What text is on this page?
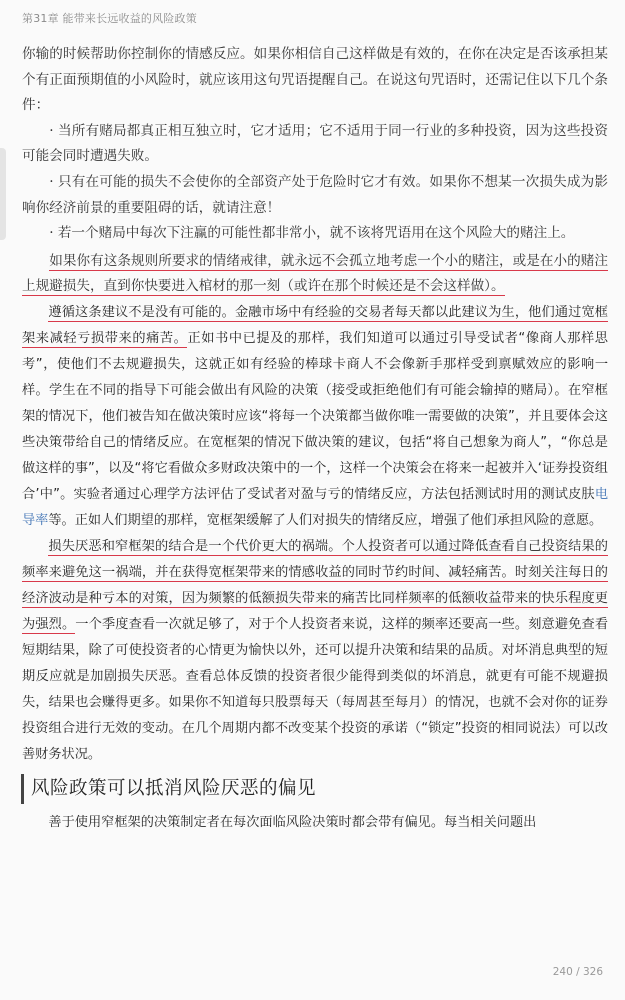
第31章 能带来长远收益的风险政策

你输的时候帮助你控制你的情感反应。如果你相信自己这样做是有效的，在你在决定是否该承担某个有正面预期值的小风险时，就应该用这句咒语提醒自己。在说这句咒语时，还需记住以下几个条件：

· 当所有赌局都真正相互独立时，它才适用；它不适用于同一行业的多种投资，因为这些投资可能会同时遭遇失败。

· 只有在可能的损失不会使你的全部资产处于危险时它才有效。如果你不想某一次损失成为影响你经济前景的重要阻碍的话，就请注意！

· 若一个赌局中每次下注赢的可能性都非常小，就不该将咒语用在这个风险大的赌注上。

如果你有这条规则所要求的情绪戒律，就永远不会孤立地考虑一个小的赌注，或是在小的赌注上规避损失，直到你快要进入棺材的那一刻（或许在那个时候还是不会这样做）。

遵循这条建议不是没有可能的。金融市场中有经验的交易者每天都以此建议为生，他们通过宽框架来减轻亏损带来的痛苦。正如书中已提及的那样，我们知道可以通过引导受试者“像商人那样思考”，使他们不去规避损失，这就正如有经验的棒球卡商人不会像新手那样受到禀赋效应的影响一样。学生在不同的指导下可能会做出有风险的决策（接受或拒绝他们有可能会输掉的赌局）。在窄框架的情况下，他们被告知在做决策时应该“将每一个决策都当做你唯一需要做的决策”，并且要体会这些决策带给自己的情绪反应。在宽框架的情况下做决策的建议，包括“将自己想象为商人”，“你总是做这样的事”，以及“将它看做众多财政决策中的一个，这样一个决策会在将来一起被并入‘证券投资组合’中”。实验者通过心理学方法评估了受试者对盈与亏的情绪反应，方法包括测试时用的测试皮肤电导率等。正如人们期望的那样，宽框架缓解了人们对损失的情绪反应，增强了他们承担风险的意愿。

损失厌恶和窄框架的结合是一个代价更大的祸端。个人投资者可以通过降低查看自己投资结果的频率来避免这一祸端，并在获得宽框架带来的情感收益的同时节约时间、减轻痛苦。时刻关注每日的经济波动是种亏本的对策，因为频繁的低额损失带来的痛苦比同样频率的低额收益带来的快乐程度更为强烈。一个季度查看一次就足够了，对于个人投资者来说，这样的频率还要高一些。刻意避免查看短期结果，除了可使投资者的心情更为愉快以外，还可以提升决策和结果的品质。对坏消息典型的短期反应就是加剧损失厌恶。查看总体反馈的投资者很少能得到类似的坏消息，就更有可能不规避损失，结果也会赚得更多。如果你不知道每只股票每天（每周甚至每月）的情况，也就不会对你的证券投资组合进行无效的变动。在几个周期内都不改变某个投资的承诺（“锁定”投资的相同说法）可以改善财务状况。

风险政策可以抵消风险厌恶的偏见

善于使用窄框架的决策制定者在每次面临风险决策时都会带有偏见。每当相关问题出

240 / 326
